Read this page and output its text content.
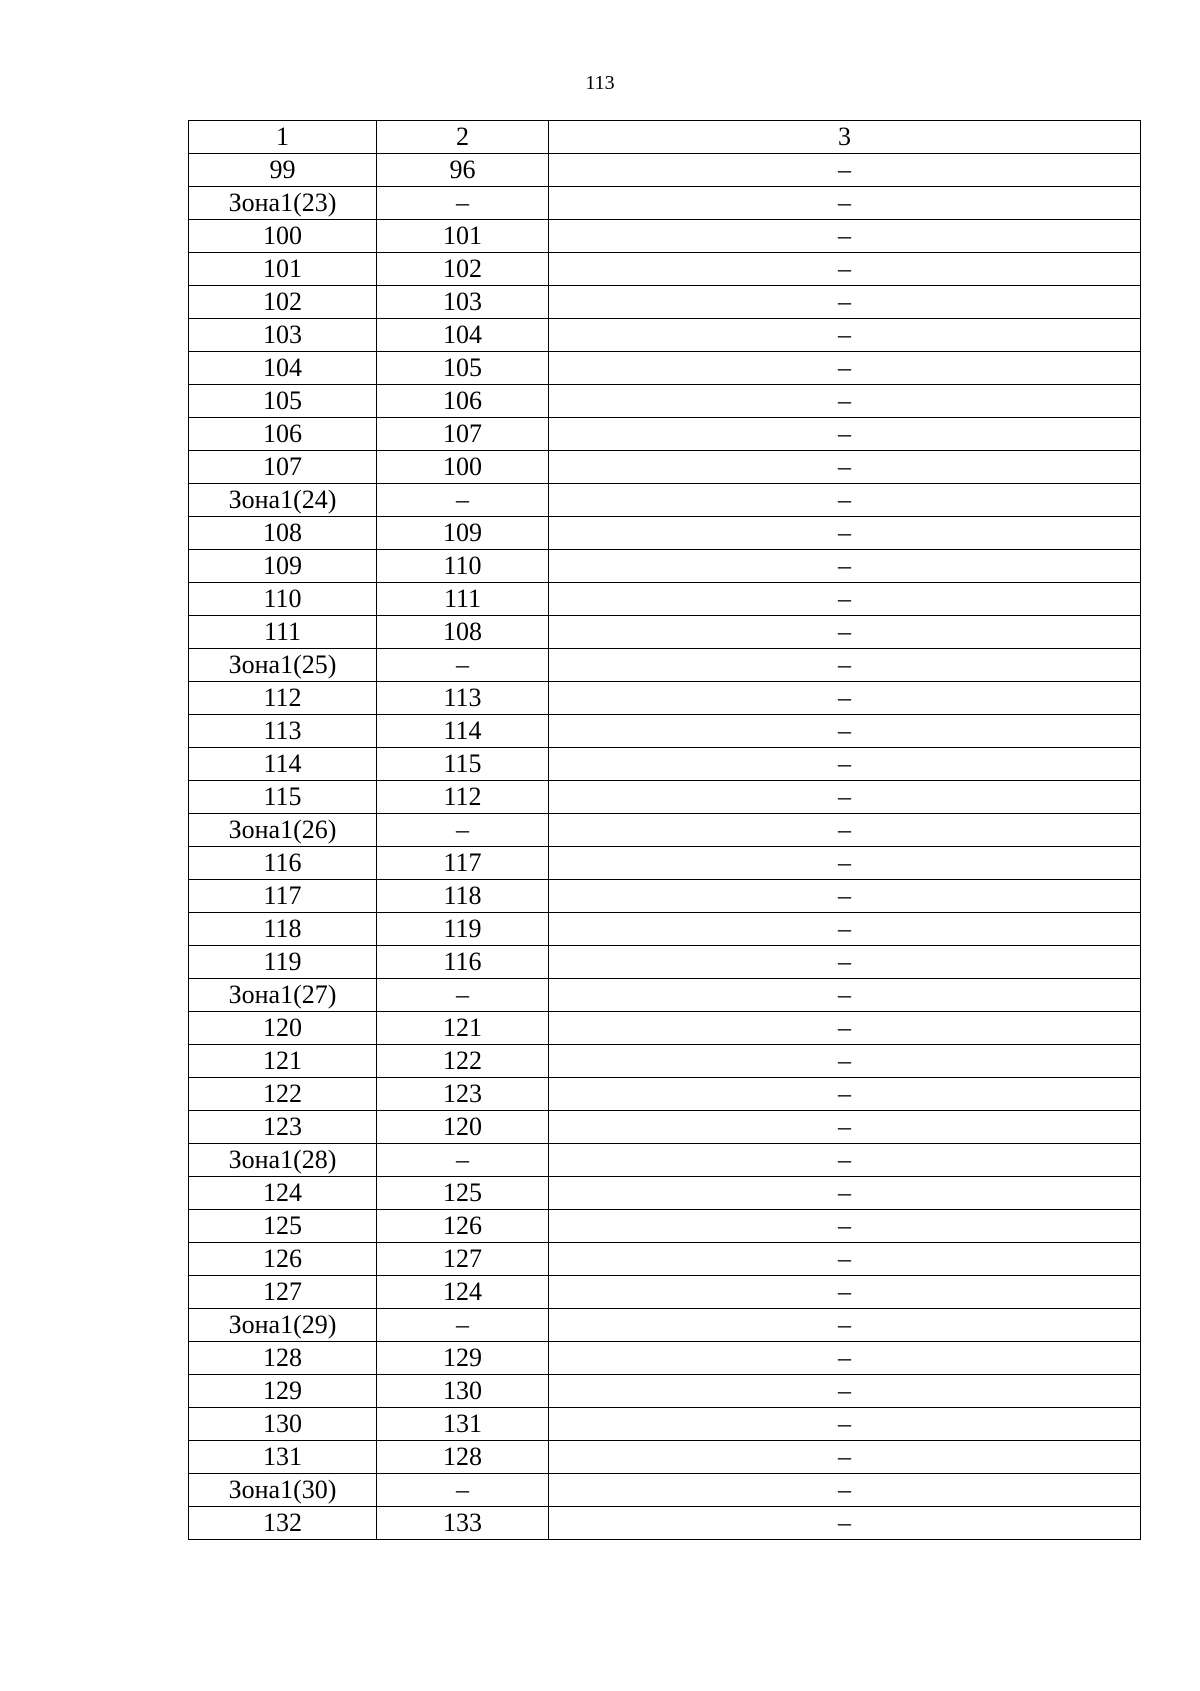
113
1	2	3
99	96	–
Зона1(23)	–	–
100	101	–
101	102	–
102	103	–
103	104	–
104	105	–
105	106	–
106	107	–
107	100	–
Зона1(24)	–	–
108	109	–
109	110	–
110	111	–
111	108	–
Зона1(25)	–	–
112	113	–
113	114	–
114	115	–
115	112	–
Зона1(26)	–	–
116	117	–
117	118	–
118	119	–
119	116	–
Зона1(27)	–	–
120	121	–
121	122	–
122	123	–
123	120	–
Зона1(28)	–	–
124	125	–
125	126	–
126	127	–
127	124	–
Зона1(29)	–	–
128	129	–
129	130	–
130	131	–
131	128	–
Зона1(30)	–	–
132	133	–
